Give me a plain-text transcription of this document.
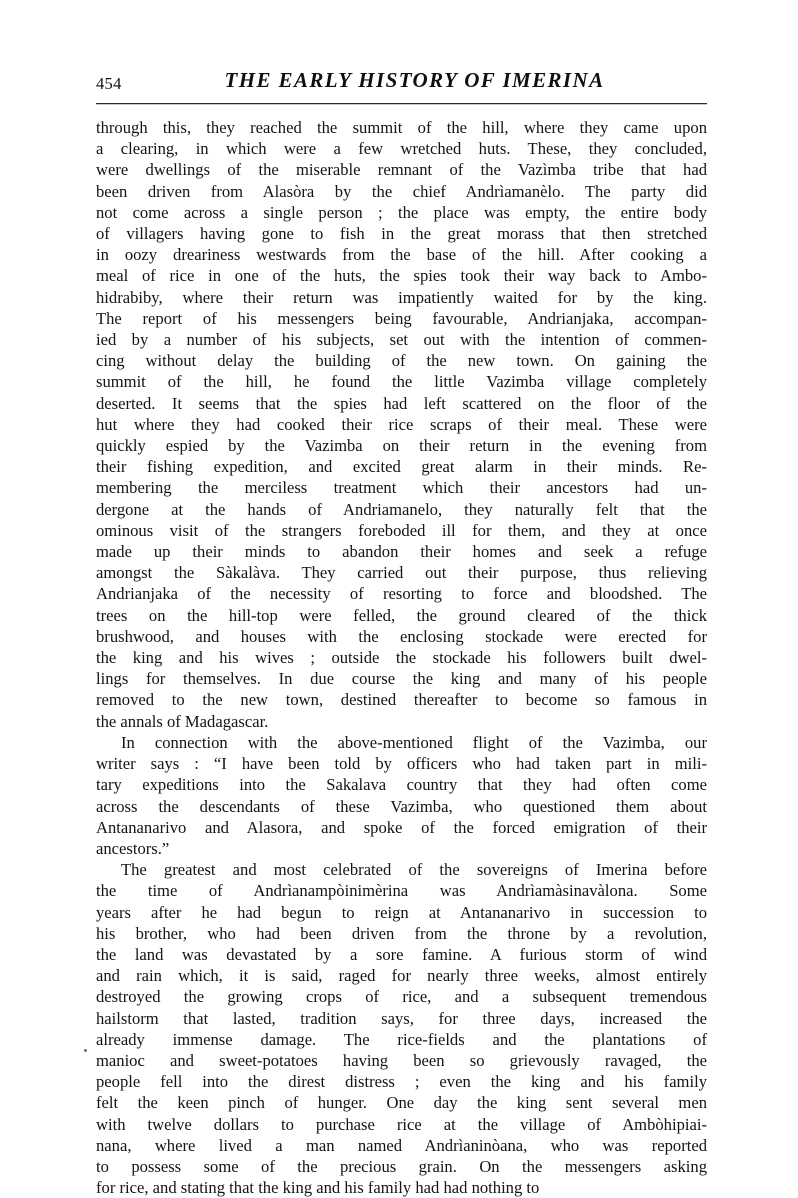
454	THE EARLY HISTORY OF IMERINA

through this, they reached the summit of the hill, where they came upon
a clearing, in which were a few wretched huts. These, they concluded,
were dwellings of the miserable remnant of the Vazìmba tribe that had
been driven from Alasòra by the chief Andrìamanèlo. The party did
not come across a single person ; the place was empty, the entire body
of villagers having gone to fish in the great morass that then stretched
in oozy dreariness westwards from the base of the hill. After cooking a
meal of rice in one of the huts, the spies took their way back to Ambo-
hidrabiby, where their return was impatiently waited for by the king.
The report of his messengers being favourable, Andrianjaka, accompan-
ied by a number of his subjects, set out with the intention of commen-
cing without delay the building of the new town. On gaining the
summit of the hill, he found the little Vazimba village completely
deserted. It seems that the spies had left scattered on the floor of the
hut where they had cooked their rice scraps of their meal. These were
quickly espied by the Vazimba on their return in the evening from
their fishing expedition, and excited great alarm in their minds. Re-
membering the merciless treatment which their ancestors had un-
dergone at the hands of Andriamanelo, they naturally felt that the
ominous visit of the strangers foreboded ill for them, and they at once
made up their minds to abandon their homes and seek a refuge
amongst the Sàkalàva. They carried out their purpose, thus relieving
Andrianjaka of the necessity of resorting to force and bloodshed. The
trees on the hill-top were felled, the ground cleared of the thick
brushwood, and houses with the enclosing stockade were erected for
the king and his wives ; outside the stockade his followers built dwel-
lings for themselves. In due course the king and many of his people
removed to the new town, destined thereafter to become so famous in
the annals of Madagascar.

In connection with the above-mentioned flight of the Vazimba, our
writer says : “I have been told by officers who had taken part in mili-
tary expeditions into the Sakalava country that they had often come
across the descendants of these Vazimba, who questioned them about
Antananarivo and Alasora, and spoke of the forced emigration of their
ancestors.”

The greatest and most celebrated of the sovereigns of Imerina before
the time of Andrìanampòinimèrina was Andrìamàsinavàlona. Some
years after he had begun to reign at Antananarivo in succession to
his brother, who had been driven from the throne by a revolution,
the land was devastated by a sore famine. A furious storm of wind
and rain which, it is said, raged for nearly three weeks, almost entirely
destroyed the growing crops of rice, and a subsequent tremendous
hailstorm that lasted, tradition says, for three days, increased the
already immense damage. The rice-fields and the plantations of
manioc and sweet-potatoes having been so grievously ravaged, the
people fell into the direst distress ; even the king and his family
felt the keen pinch of hunger. One day the king sent several men
with twelve dollars to purchase rice at the village of Ambòhipiai-
nana, where lived a man named Andrìaninòana, who was reported
to possess some of the precious grain. On the messengers asking
for rice, and stating that the king and his family had had nothing to
